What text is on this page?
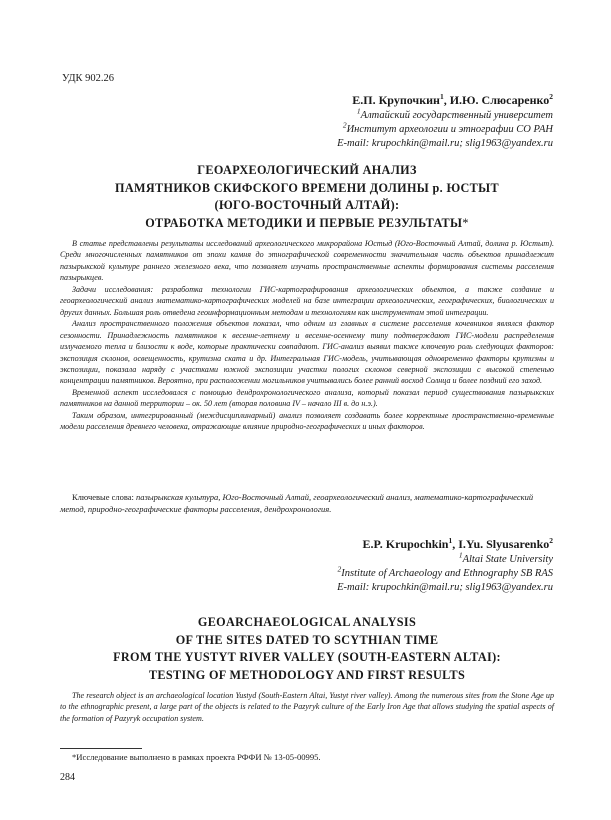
УДК 902.26
Е.П. Крупочкин$^1$, И.Ю. Слюсаренко$^2$
$^1$Алтайский государственный университет
$^2$Институт археологии и этнографии СО РАН
E-mail: krupochkin@mail.ru; slig1963@yandex.ru
ГЕОАРХЕОЛОГИЧЕСКИЙ АНАЛИЗ
ПАМЯТНИКОВ СКИФСКОГО ВРЕМЕНИ ДОЛИНЫ р. ЮСТЫТ
(ЮГО-ВОСТОЧНЫЙ АЛТАЙ):
ОТРАБОТКА МЕТОДИКИ И ПЕРВЫЕ РЕЗУЛЬТАТЫ*

В статье представлены результаты исследований археологического микрорайона Юстыд (Юго-Восточный Алтай, долина р. Юстыт). Среди многочисленных памятников от эпохи камня до этнографической современности значительная часть объектов принадлежит пазырыкской культуре раннего железного века, что позволяет изучать пространственные аспекты формирования системы расселения пазырыкцев.

Задачи исследования: разработка технологии ГИС-картографирования археологических объектов, а также создание и геоархеологический анализ математико-картографических моделей на базе интеграции археологических, географических, биологических и других данных. Большая роль отведена геоинформационным методам и технологиям как инструментам этой интеграции.

Анализ пространственного положения объектов показал, что одним из главных в системе расселения кочевников являлся фактор сезонности. Принадлежность памятников к весенне-летнему и весенне-осеннему типу подтверждают ГИС-модели распределения излучаемого тепла и близости к воде, которые практически совпадают. ГИС-анализ выявил также ключевую роль следующих факторов: экспозиция склонов, освещенность, крутизна ската и др. Интегральная ГИС-модель, учитывающая одновременно факторы крутизны и экспозиции, показала наряду с участками южной экспозиции участки пологих склонов северной экспозиции с высокой степенью концентрации памятников. Вероятно, при расположении могильников учитывались более ранний восход Солнца и более поздний его заход.

Временной аспект исследовался с помощью дендрохронологического анализа, который показал период существования пазырыкских памятников на данной территории – ок. 50 лет (вторая половина IV – начало III в. до н.э.).

Таким образом, интегрированный (междисциплинарный) анализ позволяет создавать более корректные пространственно-временные модели расселения древнего человека, отражающие влияние природно-географических и иных факторов.

Ключевые слова: пазырыкская культура, Юго-Восточный Алтай, геоархеологический анализ, математико-картографический метод, природно-географические факторы расселения, дендрохронология.
E.P. Krupochkin$^1$, I.Yu. Slyusarenko$^2$
$^1$Altai State University
$^2$Institute of Archaeology and Ethnography SB RAS
E-mail: krupochkin@mail.ru; slig1963@yandex.ru
GEOARCHAEOLOGICAL ANALYSIS
OF THE SITES DATED TO SCYTHIAN TIME
FROM THE YUSTYT RIVER VALLEY (SOUTH-EASTERN ALTAI):
TESTING OF METHODOLOGY AND FIRST RESULTS

The research object is an archaeological location Yustyd (South-Eastern Altai, Yustyt river valley). Among the numerous sites from the Stone Age up to the ethnographic present, a large part of the objects is related to the Pazyryk culture of the Early Iron Age that allows studying the spatial aspects of the formation of Pazyryk occupation system.

*Исследование выполнено в рамках проекта РФФИ № 13-05-00995.
284
